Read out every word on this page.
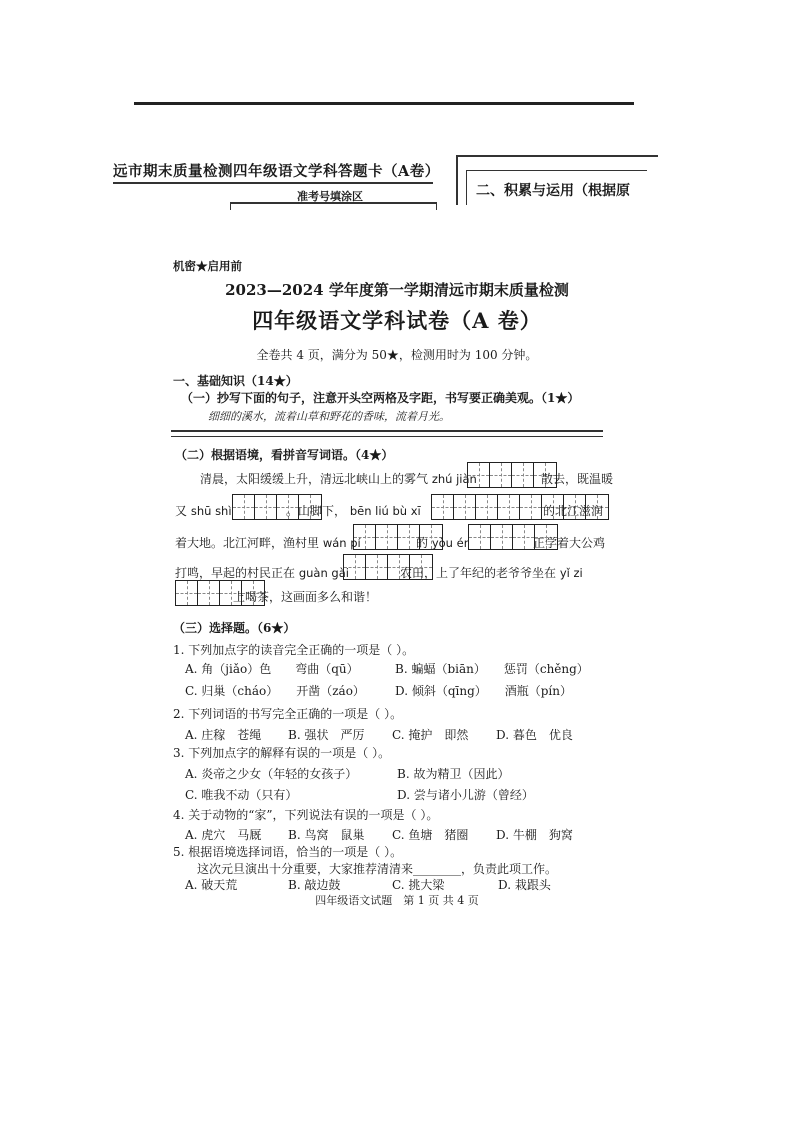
远市期末质量检测四年级语文学科答题卡（A卷）
准考号填涂区	二、积累与运用（根据原
机密★启用前
2023—2024 学年度第一学期清远市期末质量检测
四年级语文学科试卷（A 卷）
全卷共 4 页，满分为 50★，检测用时为 100 分钟。
一、基础知识（14★）
（一）抄写下面的句子，注意开头空两格及字距，书写要正确美观。（1★）
细细的溪水，流着山草和野花的香味，流着月光。
（二）根据语境，看拼音写词语。（4★）
清晨，太阳缓缓上升，清远北峡山上的雾气 zhú jiàn	散去，既温暖
又 shū shì	。山脚下， bēn liú bù xī	的北江滋润
着大地。北江河畔，渔村里 wán pí	的 yòu ér	正学着大公鸡
打鸣，早起的村民正在 guàn gài	农田，上了年纪的老爷爷坐在 yǐ zi
上喝茶，这画面多么和谐！
（三）选择题。（6★）
1. 下列加点字的读音完全正确的一项是（ ）。
A. 角（jiǎo）色　　弯曲（qū）	B. 蝙蝠（biān）　　惩罚（chěng）
C. 归巢（cháo）　　开凿（záo）	D. 倾斜（qīng）　　酒瓶（pín）
2. 下列词语的书写完全正确的一项是（ ）。
A. 庄稼　苍绳 B. 强状　严厉 C. 掩护　即然 D. 暮色　优良
3. 下列加点字的解释有误的一项是（ ）。
A. 炎帝之少女（年轻的女孩子）	B. 故为精卫（因此）
C. 唯我不动（只有）	D. 尝与诸小儿游（曾经）
4. 关于动物的“家”，下列说法有误的一项是（ ）。
A. 虎穴　马厩 B. 鸟窝　鼠巢 C. 鱼塘　猪圈 D. 牛棚　狗窝
5. 根据语境选择词语，恰当的一项是（ ）。
这次元旦演出十分重要，大家推荐清清来________，负责此项工作。
A. 破天荒	B. 敲边鼓	C. 挑大梁	D. 栽跟头
四年级语文试题　第 1 页 共 4 页
